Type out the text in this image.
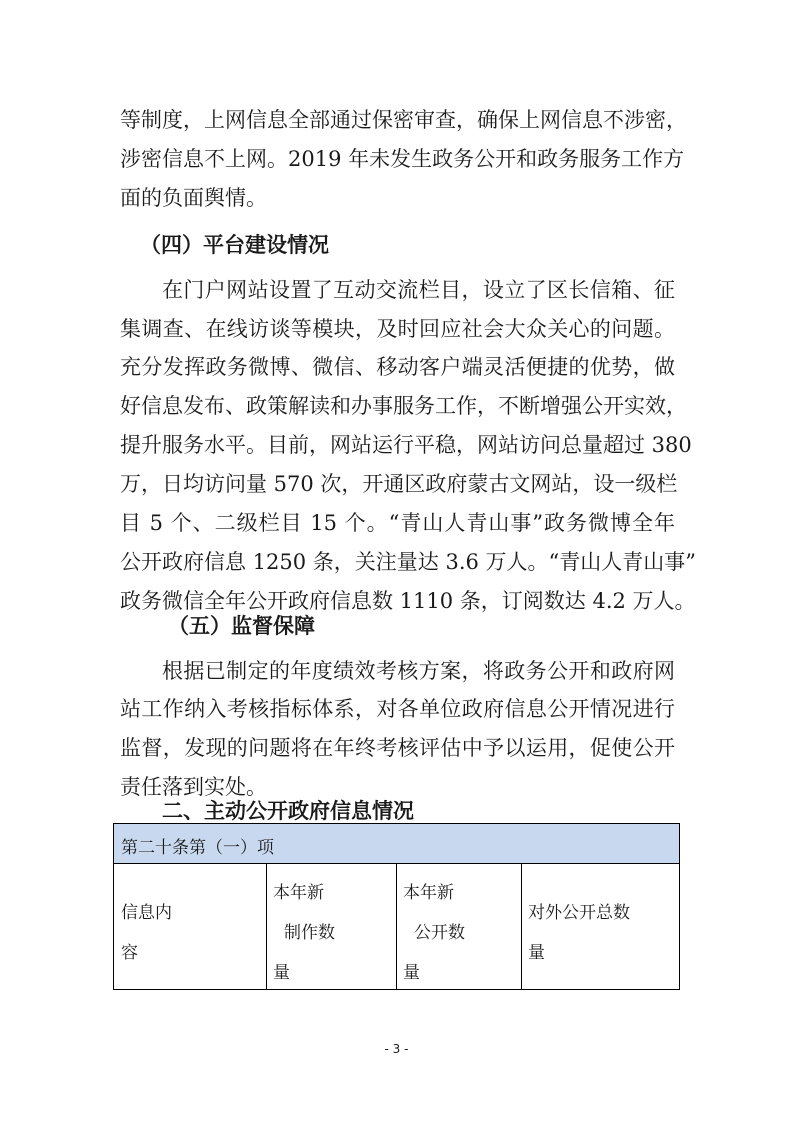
等制度，上网信息全部通过保密审查，确保上网信息不涉密，
涉密信息不上网。2019 年未发生政务公开和政务服务工作方
面的负面舆情。
（四）平台建设情况
在门户网站设置了互动交流栏目，设立了区长信箱、征
集调查、在线访谈等模块，及时回应社会大众关心的问题。
充分发挥政务微博、微信、移动客户端灵活便捷的优势，做
好信息发布、政策解读和办事服务工作，不断增强公开实效，
提升服务水平。目前，网站运行平稳，网站访问总量超过 380
万，日均访问量 570 次，开通区政府蒙古文网站，设一级栏
目 5 个、二级栏目 15 个。“青山人青山事”政务微博全年
公开政府信息 1250 条，关注量达 3.6 万人。“青山人青山事”
政务微信全年公开政府信息数 1110 条，订阅数达 4.2 万人。
（五）监督保障
根据已制定的年度绩效考核方案，将政务公开和政府网
站工作纳入考核指标体系，对各单位政府信息公开情况进行
监督，发现的问题将在年终考核评估中予以运用，促使公开
责任落到实处。
二、主动公开政府信息情况
第二十条第（一）项
信息内
容
本年新
制作数
量
本年新
公开数
量
对外公开总数
量
- 3 -
